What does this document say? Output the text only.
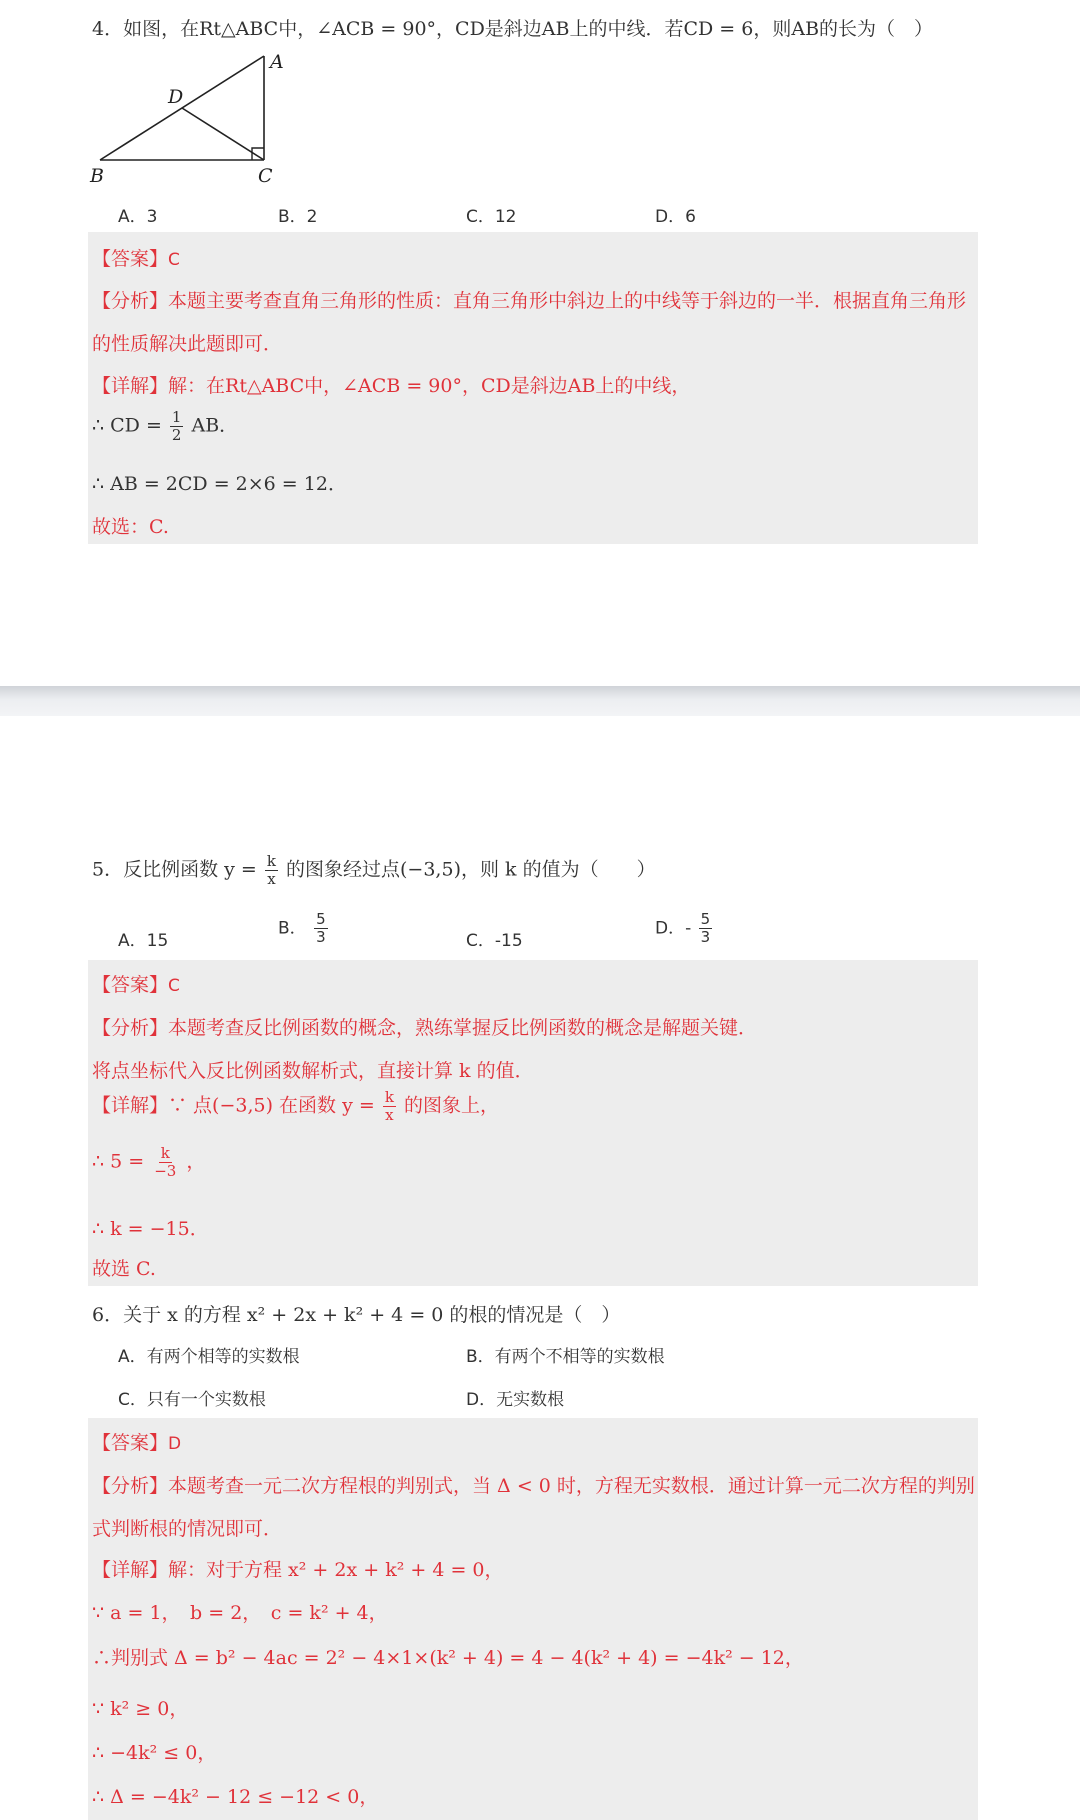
4．如图，在Rt△ABC中，∠ACB = 90°，CD是斜边AB上的中线．若CD = 6，则AB的长为（　）
A
B	C
D
A．3	B．2	C．12	D．6
【答案】C
【分析】本题主要考查直角三角形的性质：直角三角形中斜边上的中线等于斜边的一半．根据直角三角形
的性质解决此题即可．
【详解】解：在Rt△ABC中，∠ACB = 90°，CD是斜边AB上的中线，
∴ CD = $\frac{1}{2}$ AB．
∴ AB = 2CD = 2×6 = 12．
故选：C.
5．反比例函数 $y = \frac{k}{x}$ 的图象经过点(−3,5)，则 k 的值为（　　）
A．15
B． $\frac{5}{3}$	C．-15
D．- $\frac{5}{3}$
【答案】C
【分析】本题考查反比例函数的概念，熟练掌握反比例函数的概念是解题关键．
将点坐标代入反比例函数解析式，直接计算 k 的值．
【详解】∵ 点(−3,5) 在函数 $y = \frac{k}{x}$ 的图象上，
∴ $5 = \frac{k}{-3}$ ，
∴ k = −15．
故选 C.
6．关于 x 的方程 x² + 2x + k² + 4 = 0 的根的情况是（　）
A．有两个相等的实数根	B．有两个不相等的实数根
C．只有一个实数根	D．无实数根
【答案】D
【分析】本题考查一元二次方程根的判别式，当 Δ < 0 时，方程无实数根．通过计算一元二次方程的判别
式判断根的情况即可．
【详解】解：对于方程 x² + 2x + k² + 4 = 0，
∵ a = 1，　b = 2，　c = k² + 4，
∴判别式 Δ = b² − 4ac = 2² − 4×1×(k² + 4) = 4 − 4(k² + 4) = −4k² − 12，
∵ k² ≥ 0，
∴ −4k² ≤ 0，
∴ Δ = −4k² − 12 ≤ −12 < 0，
